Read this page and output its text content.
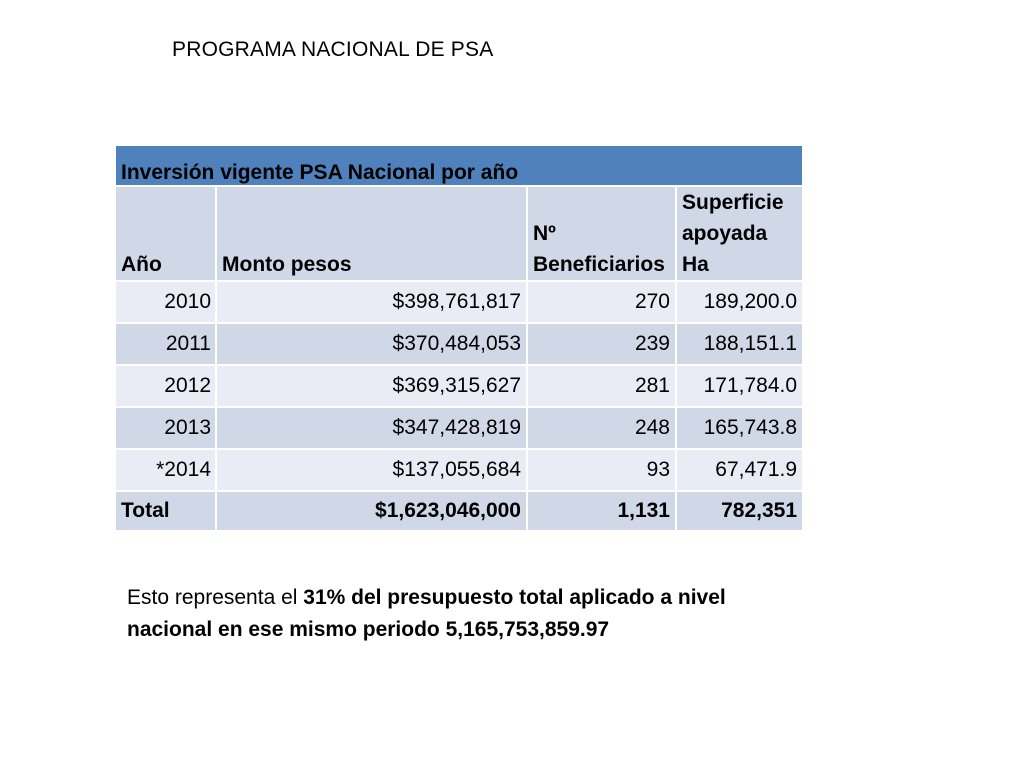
PROGRAMA NACIONAL DE PSA
Inversión vigente PSA Nacional por año			
Año	Monto pesos	Nº Beneficiarios	Superficie apoyada Ha
2010	$398,761,817	270	189,200.0
2011	$370,484,053	239	188,151.1
2012	$369,315,627	281	171,784.0
2013	$347,428,819	248	165,743.8
*2014	$137,055,684	93	67,471.9
Total	$1,623,046,000	1,131	782,351
Esto representa el 31% del presupuesto total aplicado a nivel nacional en ese mismo periodo 5,165,753,859.97
